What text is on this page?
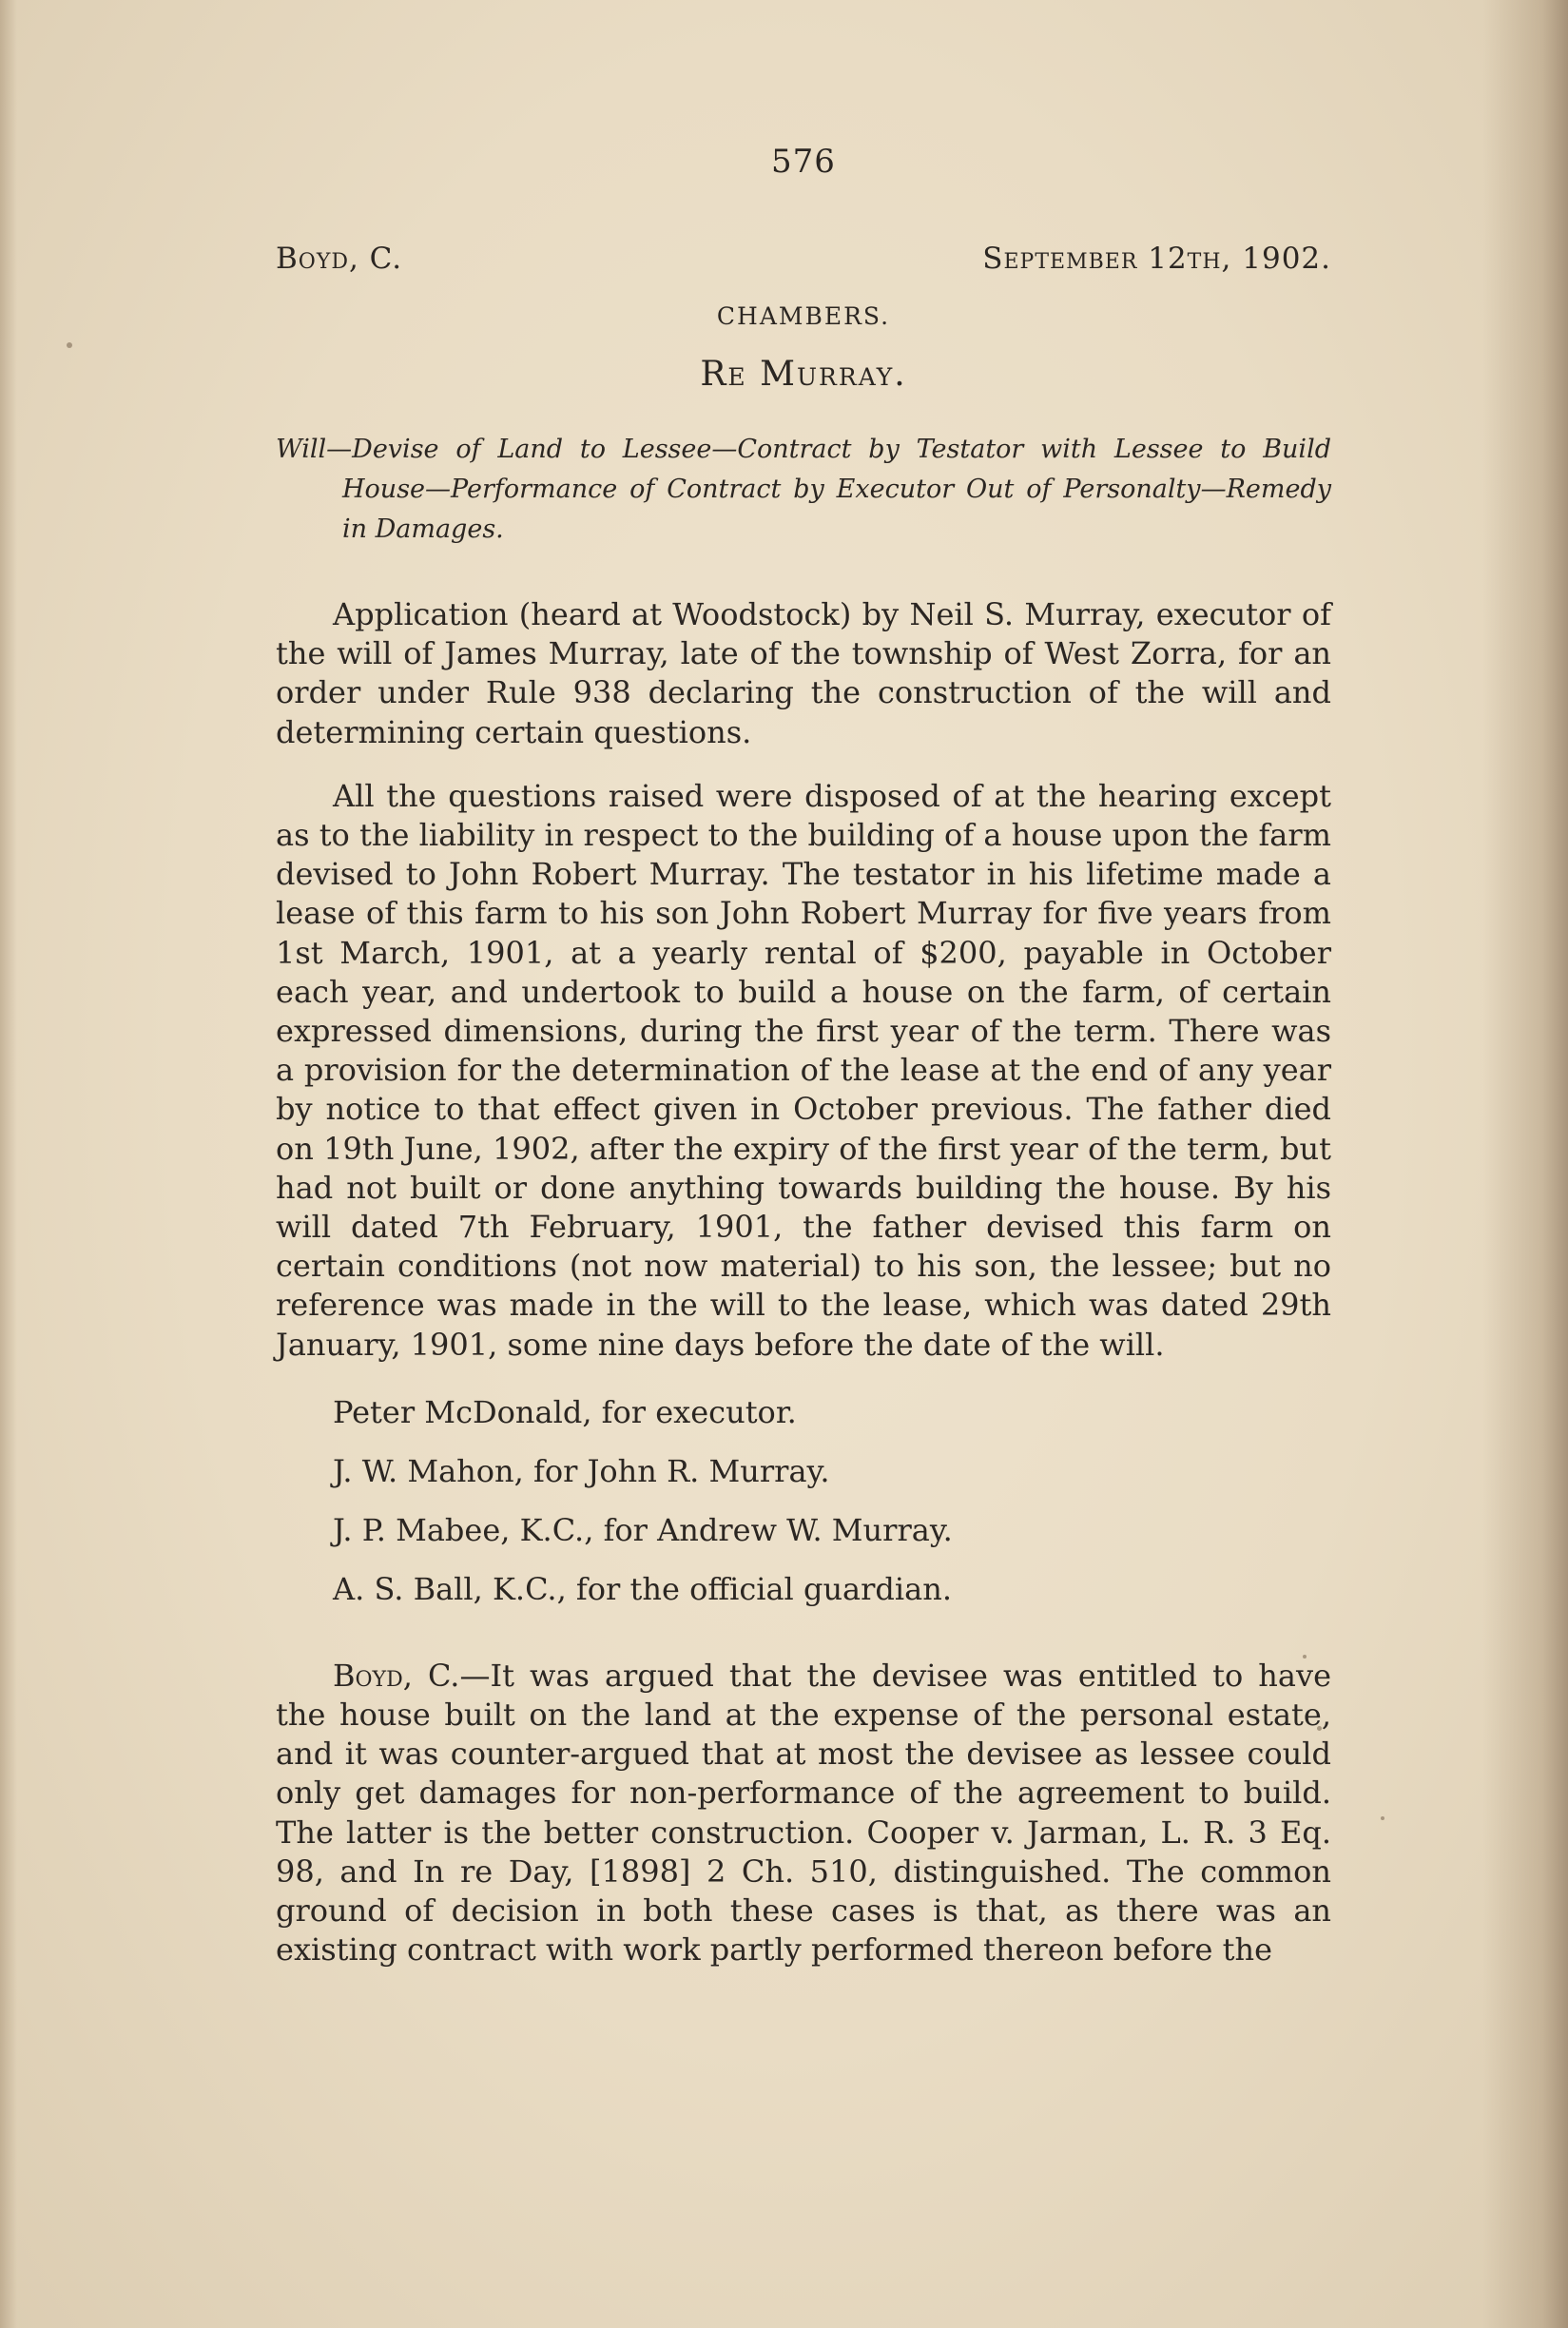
576

Boyd, C.	September 12th, 1902.
CHAMBERS.
Re Murray.
Will—Devise of Land to Lessee—Contract by Testator with Lessee to Build House—Performance of Contract by Executor Out of Personalty—Remedy in Damages.

Application (heard at Woodstock) by Neil S. Murray, executor of the will of James Murray, late of the township of West Zorra, for an order under Rule 938 declaring the construction of the will and determining certain questions.

All the questions raised were disposed of at the hearing except as to the liability in respect to the building of a house upon the farm devised to John Robert Murray. The testator in his lifetime made a lease of this farm to his son John Robert Murray for five years from 1st March, 1901, at a yearly rental of $200, payable in October each year, and undertook to build a house on the farm, of certain expressed dimensions, during the first year of the term. There was a provision for the determination of the lease at the end of any year by notice to that effect given in October previous. The father died on 19th June, 1902, after the expiry of the first year of the term, but had not built or done anything towards building the house. By his will dated 7th February, 1901, the father devised this farm on certain conditions (not now material) to his son, the lessee; but no reference was made in the will to the lease, which was dated 29th January, 1901, some nine days before the date of the will.

Peter McDonald, for executor.

J. W. Mahon, for John R. Murray.

J. P. Mabee, K.C., for Andrew W. Murray.

A. S. Ball, K.C., for the official guardian.

Boyd, C.—It was argued that the devisee was entitled to have the house built on the land at the expense of the personal estate, and it was counter-argued that at most the devisee as lessee could only get damages for non-performance of the agreement to build. The latter is the better construction. Cooper v. Jarman, L. R. 3 Eq. 98, and In re Day, [1898] 2 Ch. 510, distinguished. The common ground of decision in both these cases is that, as there was an existing contract with work partly performed thereon before the
